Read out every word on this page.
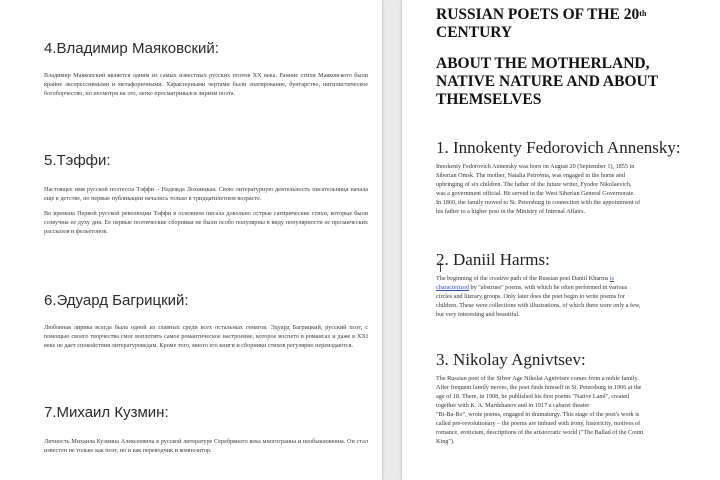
4.Владимир Маяковский:

Владимир Маяковский является одним из самых известных русских поэтов XX века. Ранние стихи Маяковского были крайне экспрессивными и метафоричными. Характерными чертами были эпатирование, бунтарство, нигилистическое богоборчество, но несмотря на это, легко просматривался лиризм поэта.

5.Тэффи:

Настоящее имя русской поэтессы Тэффи – Надежда Лохвицкая. Свою литературную деятельность писательница начала еще в детстве, но первые публикации начались только в тридцатилетнем возрасте.

Во времена Первой русской революции Тэффи в основном писала довольно острые сатирические стихи, которые были созвучны ее духу дня. Ее первые поэтические сборники не были особо популярны в виду популярности ее прозаических рассказов и фельетонов.

6.Эдуард Багрицкий:

Любовная лирика всегда была одной из главных среди всех остальных гемагов. Эдуард Багрицкий, русский поэт, с помощью своего творчества смог воплотить самое романтическое настроение, которое воспето в романсах и даже в XXI веке не дает спокойствия литературоведам. Кроме того, много его книги и сборники стихов регулярно переиздаются.

7.Михаил Кузмин:

Личность Михаила Кузмина Алексеевича в русской литературе Серебряного века многогранна и необыкновенна. Он стал известен не только как поэт, но и как переводчик и композитор.

RUSSIAN POETS OF THE 20th
CENTURY
ABOUT THE MOTHERLAND,
NATIVE NATURE AND ABOUT
THEMSELVES
1. Innokenty Fedorovich Annensky:

Innokenty Fedorovich Annensky was born on August 20 (September 1), 1855 in

Siberian Omsk. The mother, Natalia Petrovna, was engaged in the home and

upbringing of six children. The father of the future writer, Fyodor Nikolaevich,

was a government official. He served in the West Siberian General Governorate.

In 1860, the family moved to St. Petersburg in connection with the appointment of

his father to a higher post in the Ministry of Internal Affairs.

2. Daniil Harms:

The beginning of the creative path of the Russian poet Daniil Kharms is

characterized by "abstruse" poems, with which he often performed in various

circles and literary groups. Only later does the poet begin to write poems for

children. These were collections with illustrations, of which there were only a few,

but very interesting and beautiful.

3. Nikolay Agnivtsev:

The Russian poet of the Silver Age Nikolai Agnivtsev comes from a noble family.

After frequent family moves, the poet finds himself in St. Petersburg in 1906 at the

age of 18. There, in 1908, he published his first poems "Native Land", created

together with K. A. Mardzhanov and in 1917 a cabaret theater

"Bi-Ba-Bo", wrote poems, engaged in dramaturgy. This stage of the poet's work is

called pre-revolutionary – the poems are imbued with irony, historicity, motives of

romance, eroticism, descriptions of the aristocratic world ("The Ballad of the Count

King").
